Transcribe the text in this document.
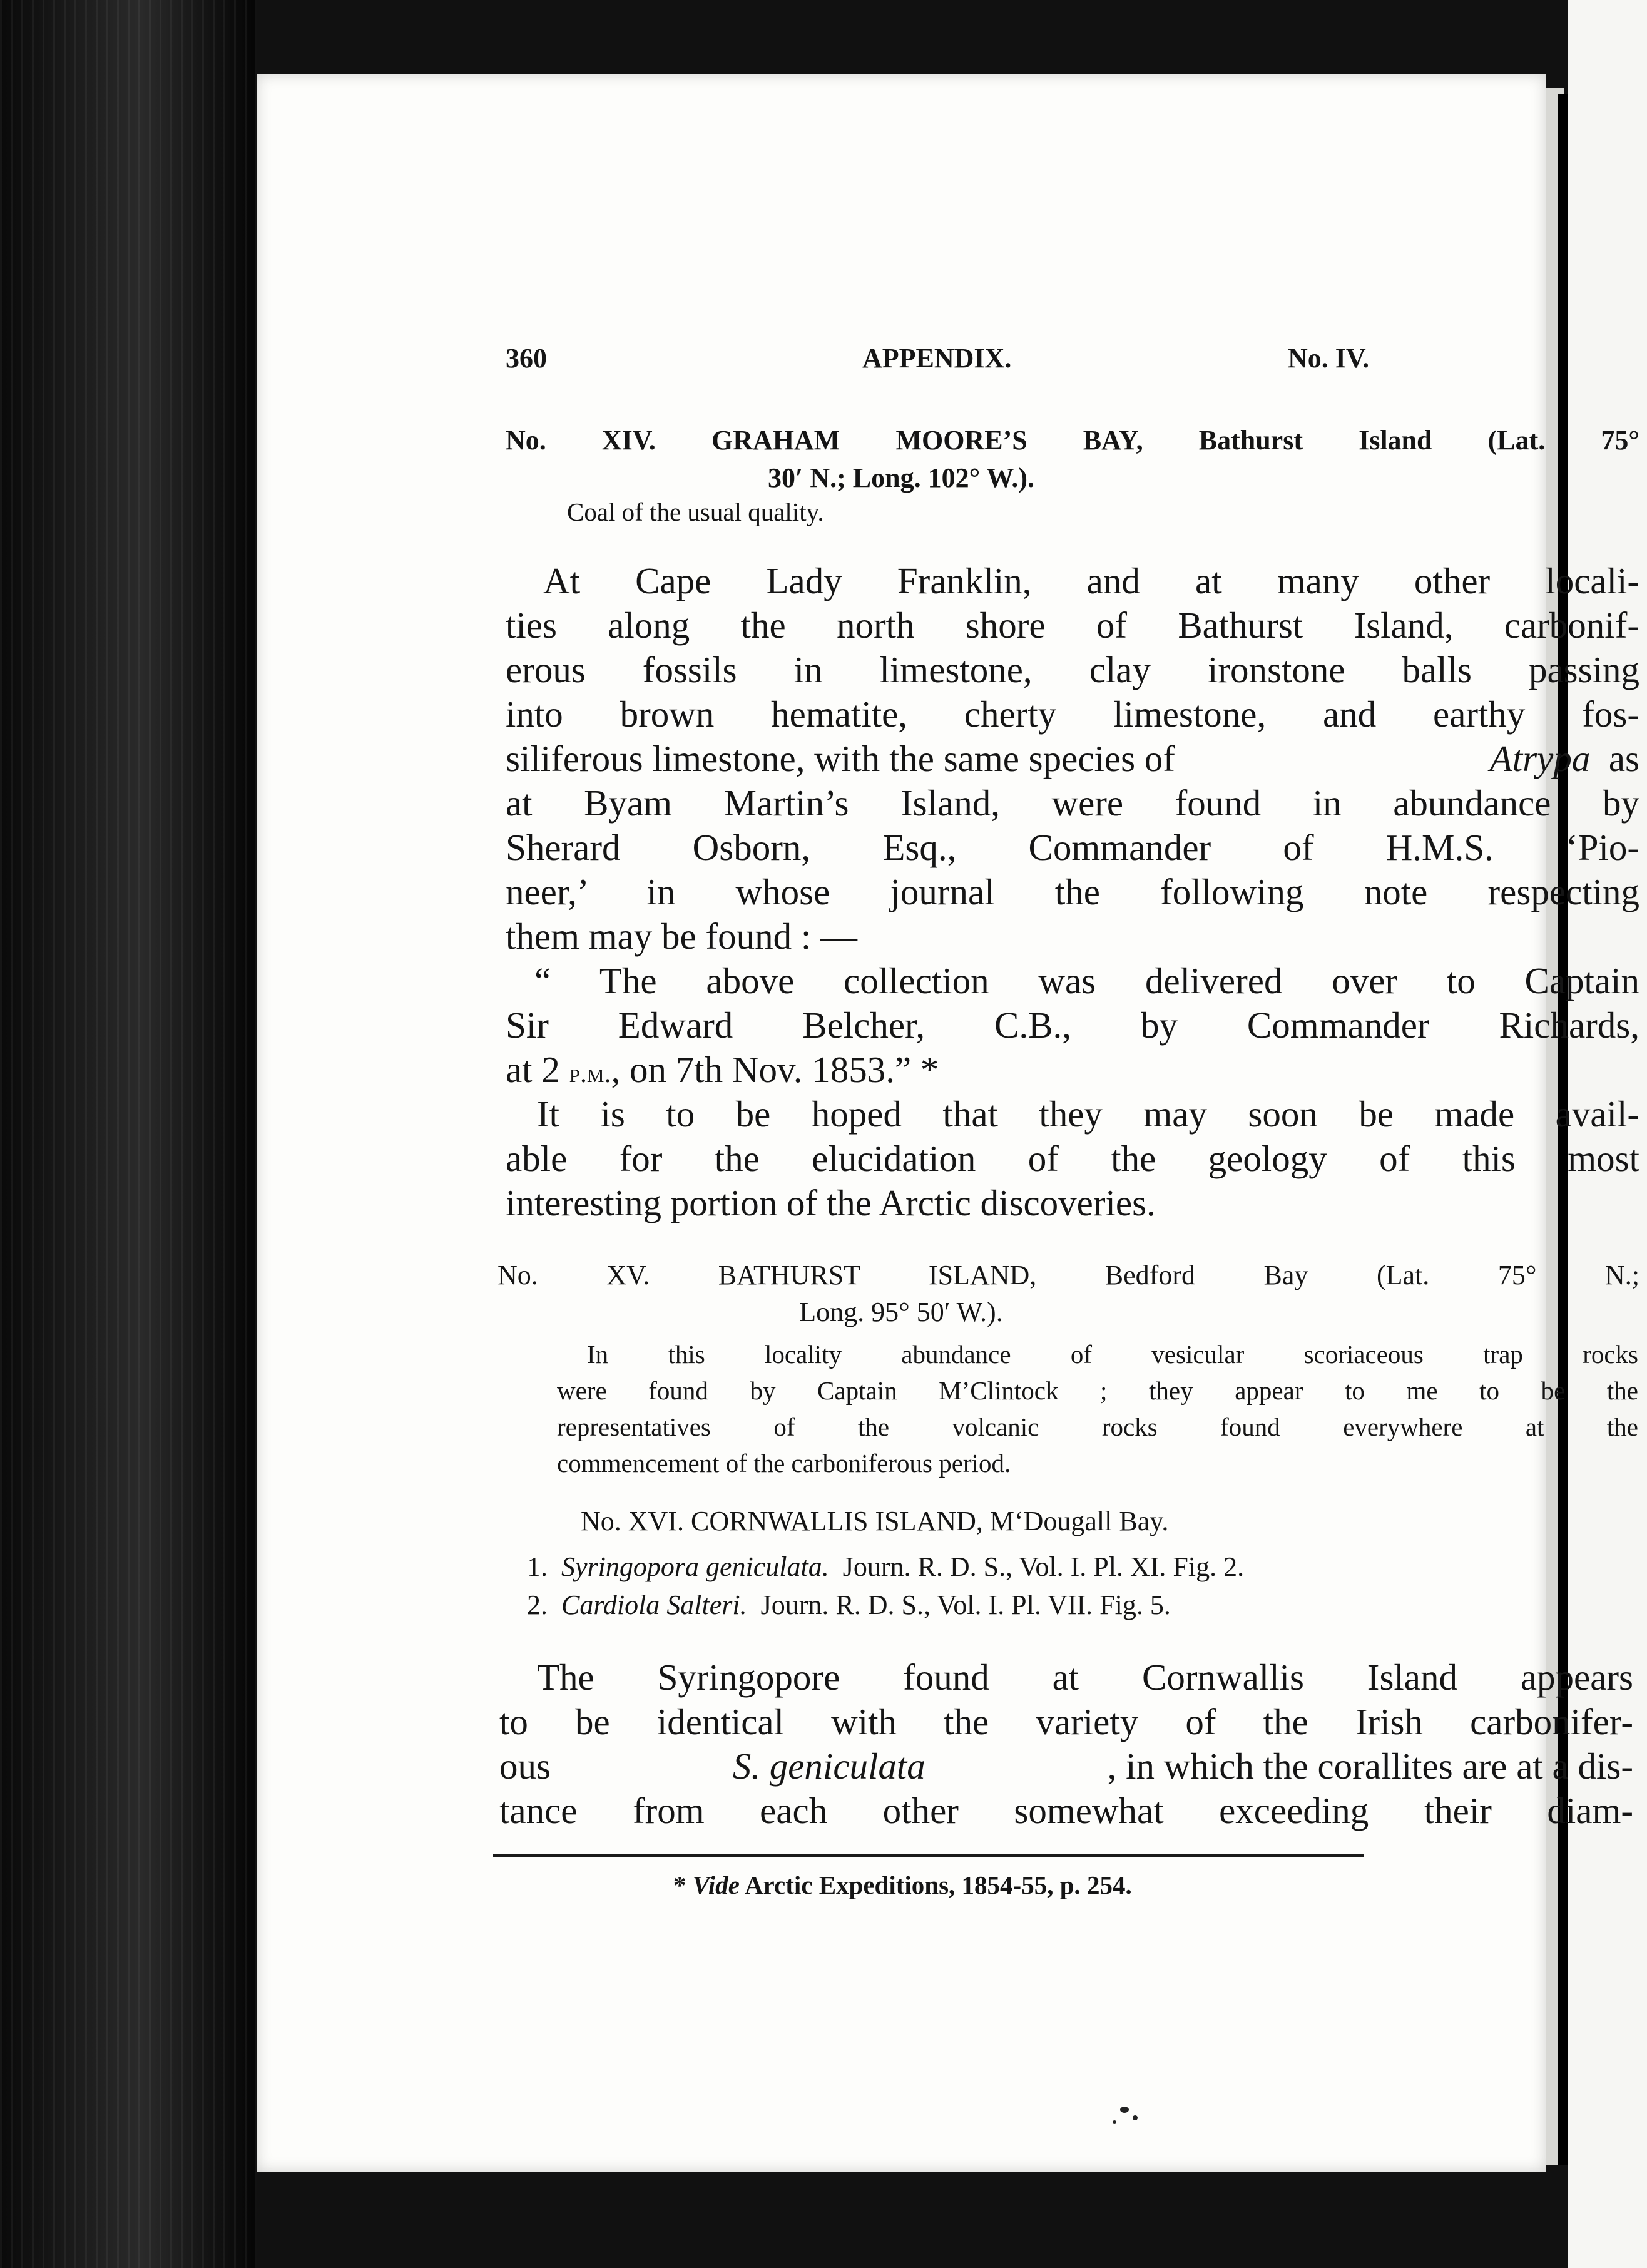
360	APPENDIX.	No. IV.
No. XIV. GRAHAM MOORE’S BAY, Bathurst Island (Lat. 75°
30′ N.; Long. 102° W.).
Coal of the usual quality.
At Cape Lady Franklin, and at many other locali-
ties along the north shore of Bathurst Island, carbonif-
erous fossils in limestone, clay ironstone balls passing
into brown hematite, cherty limestone, and earthy fos-
siliferous limestone, with the same species of	Atrypa  as
at Byam Martin’s Island, were found in abundance by
Sherard Osborn, Esq., Commander of H.M.S. ‘Pio-
neer,’ in whose journal the following note respecting
them may be found : —
“ The above collection was delivered over to Captain
Sir Edward Belcher, C.B., by Commander Richards,
at 2 p.m., on 7th Nov. 1853.” *
It is to be hoped that they may soon be made avail-
able for the elucidation of the geology of this most
interesting portion of the Arctic discoveries.
No. XV. BATHURST ISLAND, Bedford Bay (Lat. 75° N.;
Long. 95° 50′ W.).
In this locality abundance of vesicular scoriaceous trap rocks
were found by Captain M’Clintock ; they appear to me to be the
representatives of the volcanic rocks found everywhere at the
commencement of the carboniferous period.
No. XVI. CORNWALLIS ISLAND, M‘Dougall Bay.
1.  Syringopora geniculata.  Journ. R. D. S., Vol. I. Pl. XI. Fig. 2.
2.  Cardiola Salteri.  Journ. R. D. S., Vol. I. Pl. VII. Fig. 5.
The Syringopore found at Cornwallis Island appears
to be identical with the variety of the Irish carbonifer-
ous	S. geniculata	, in which the corallites are at a dis-
tance from each other somewhat exceeding their diam-
* Vide Arctic Expeditions, 1854-55, p. 254.
